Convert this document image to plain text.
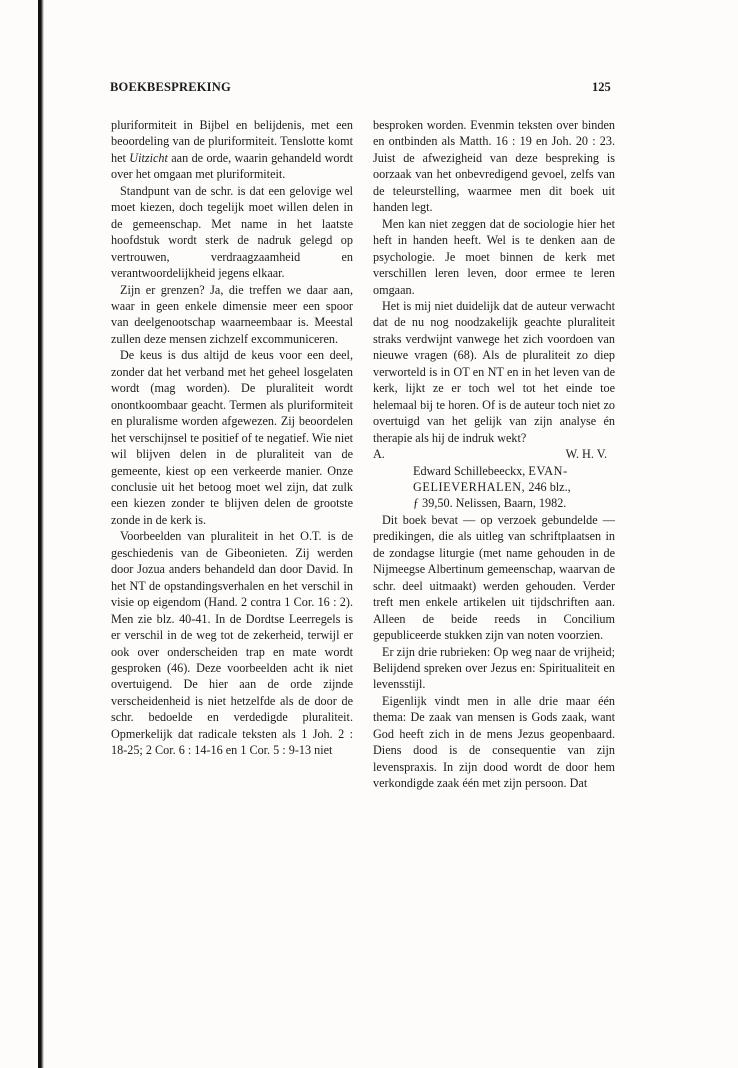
BOEKBESPREKING	125

pluriformiteit in Bijbel en belijdenis, met een beoordeling van de pluriformiteit. Tenslotte komt het Uitzicht aan de orde, waarin gehandeld wordt over het omgaan met pluriformiteit.

Standpunt van de schr. is dat een gelovige wel moet kiezen, doch tegelijk moet willen delen in de gemeenschap. Met name in het laatste hoofdstuk wordt sterk de nadruk gelegd op vertrouwen, verdraagzaamheid en verantwoordelijkheid jegens elkaar.

Zijn er grenzen? Ja, die treffen we daar aan, waar in geen enkele dimensie meer een spoor van deelgenootschap waarneembaar is. Meestal zullen deze mensen zichzelf excommuniceren.

De keus is dus altijd de keus voor een deel, zonder dat het verband met het geheel losgelaten wordt (mag worden). De pluraliteit wordt onontkoombaar geacht. Termen als pluriformiteit en pluralisme worden afgewezen. Zij beoordelen het verschijnsel te positief of te negatief. Wie niet wil blijven delen in de pluraliteit van de gemeente, kiest op een verkeerde manier. Onze conclusie uit het betoog moet wel zijn, dat zulk een kiezen zonder te blijven delen de grootste zonde in de kerk is.

Voorbeelden van pluraliteit in het O.T. is de geschiedenis van de Gibeonieten. Zij werden door Jozua anders behandeld dan door David. In het NT de opstandingsverhalen en het verschil in visie op eigendom (Hand. 2 contra 1 Cor. 16 : 2). Men zie blz. 40-41. In de Dordtse Leerregels is er verschil in de weg tot de zekerheid, terwijl er ook over onderscheiden trap en mate wordt gesproken (46). Deze voorbeelden acht ik niet overtuigend. De hier aan de orde zijnde verscheidenheid is niet hetzelfde als de door de schr. bedoelde en verdedigde pluraliteit. Opmerkelijk dat radicale teksten als 1 Joh. 2 : 18-25; 2 Cor. 6 : 14-16 en 1 Cor. 5 : 9-13 niet

besproken worden. Evenmin teksten over binden en ontbinden als Matth. 16 : 19 en Joh. 20 : 23. Juist de afwezigheid van deze bespreking is oorzaak van het onbevredigend gevoel, zelfs van de teleurstelling, waarmee men dit boek uit handen legt.

Men kan niet zeggen dat de sociologie hier het heft in handen heeft. Wel is te denken aan de psychologie. Je moet binnen de kerk met verschillen leren leven, door ermee te leren omgaan.

Het is mij niet duidelijk dat de auteur verwacht dat de nu nog noodzakelijk geachte pluraliteit straks verdwijnt vanwege het zich voordoen van nieuwe vragen (68). Als de pluraliteit zo diep verworteld is in OT en NT en in het leven van de kerk, lijkt ze er toch wel tot het einde toe helemaal bij te horen. Of is de auteur toch niet zo overtuigd van het gelijk van zijn analyse én therapie als hij de indruk wekt?

A.	W. H. V.

Edward Schillebeeckx, EVAN-
GELIEVERHALEN, 246 blz.,
ƒ 39,50. Nelissen, Baarn, 1982.

Dit boek bevat — op verzoek gebundelde — predikingen, die als uitleg van schriftplaatsen in de zondagse liturgie (met name gehouden in de Nijmeegse Albertinum gemeenschap, waarvan de schr. deel uitmaakt) werden gehouden. Verder treft men enkele artikelen uit tijdschriften aan. Alleen de beide reeds in Concilium gepubliceerde stukken zijn van noten voorzien.

Er zijn drie rubrieken: Op weg naar de vrijheid; Belijdend spreken over Jezus en: Spiritualiteit en levensstijl.

Eigenlijk vindt men in alle drie maar één thema: De zaak van mensen is Gods zaak, want God heeft zich in de mens Jezus geopenbaard. Diens dood is de consequentie van zijn levenspraxis. In zijn dood wordt de door hem verkondigde zaak één met zijn persoon. Dat
